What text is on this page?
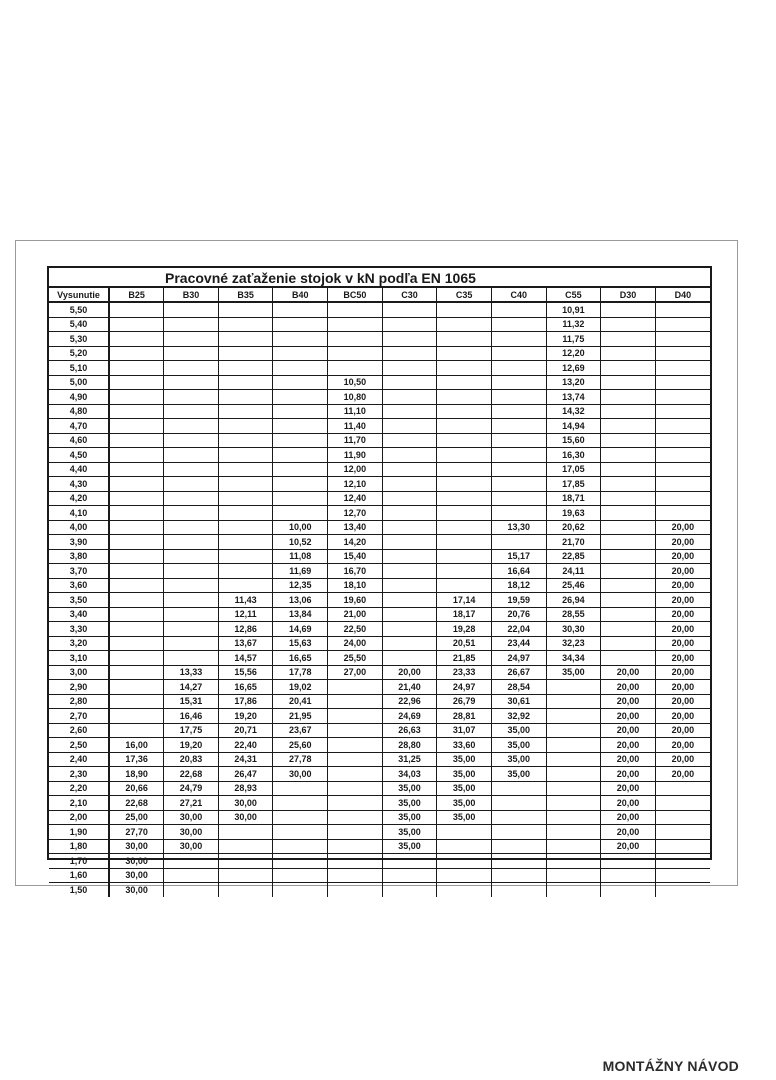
Pracovné zaťaženie stojok v kN podľa EN 1065
Vysunutie	B25	B30	B35	B40	BC50	C30	C35	C40	C55	D30	D40
5,50									10,91		
5,40									11,32		
5,30									11,75		
5,20									12,20		
5,10									12,69		
5,00					10,50				13,20		
4,90					10,80				13,74		
4,80					11,10				14,32		
4,70					11,40				14,94		
4,60					11,70				15,60		
4,50					11,90				16,30		
4,40					12,00				17,05		
4,30					12,10				17,85		
4,20					12,40				18,71		
4,10					12,70				19,63		
4,00				10,00	13,40			13,30	20,62		20,00
3,90				10,52	14,20				21,70		20,00
3,80				11,08	15,40			15,17	22,85		20,00
3,70				11,69	16,70			16,64	24,11		20,00
3,60				12,35	18,10			18,12	25,46		20,00
3,50			11,43	13,06	19,60		17,14	19,59	26,94		20,00
3,40			12,11	13,84	21,00		18,17	20,76	28,55		20,00
3,30			12,86	14,69	22,50		19,28	22,04	30,30		20,00
3,20			13,67	15,63	24,00		20,51	23,44	32,23		20,00
3,10			14,57	16,65	25,50		21,85	24,97	34,34		20,00
3,00		13,33	15,56	17,78	27,00	20,00	23,33	26,67	35,00	20,00	20,00
2,90		14,27	16,65	19,02		21,40	24,97	28,54		20,00	20,00
2,80		15,31	17,86	20,41		22,96	26,79	30,61		20,00	20,00
2,70		16,46	19,20	21,95		24,69	28,81	32,92		20,00	20,00
2,60		17,75	20,71	23,67		26,63	31,07	35,00		20,00	20,00
2,50	16,00	19,20	22,40	25,60		28,80	33,60	35,00		20,00	20,00
2,40	17,36	20,83	24,31	27,78		31,25	35,00	35,00		20,00	20,00
2,30	18,90	22,68	26,47	30,00		34,03	35,00	35,00		20,00	20,00
2,20	20,66	24,79	28,93			35,00	35,00			20,00	
2,10	22,68	27,21	30,00			35,00	35,00			20,00	
2,00	25,00	30,00	30,00			35,00	35,00			20,00	
1,90	27,70	30,00				35,00				20,00	
1,80	30,00	30,00				35,00				20,00	
1,70	30,00										
1,60	30,00										
1,50	30,00										
MONTÁŽNY NÁVOD
